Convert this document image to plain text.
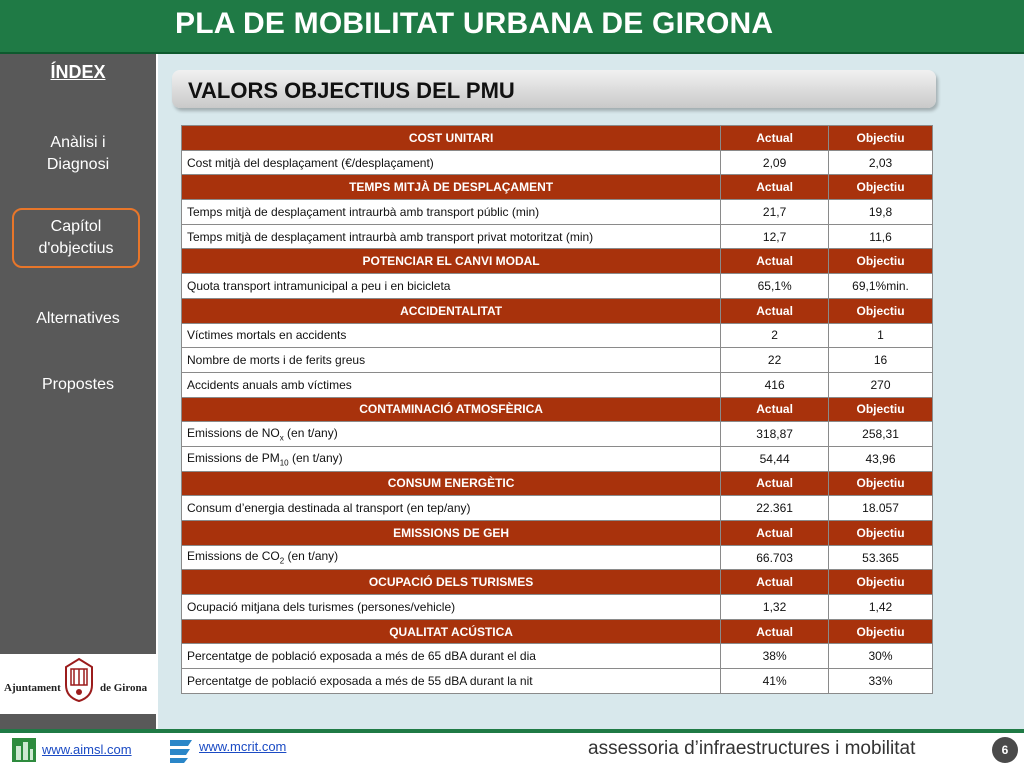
PLA DE MOBILITAT URBANA DE GIRONA
ÍNDEX
Anàlisi i
Diagnosi
Capítol
d'objectius
Alternatives
Propostes
Ajuntament	de Girona
VALORS OBJECTIUS DEL PMU
COST UNITARI	Actual	Objectiu
Cost mitjà del desplaçament (€/desplaçament)	2,09	2,03
TEMPS MITJÀ DE DESPLAÇAMENT	Actual	Objectiu
Temps mitjà de desplaçament intraurbà amb transport públic (min)	21,7	19,8
Temps mitjà de desplaçament intraurbà amb transport privat motoritzat (min)	12,7	11,6
POTENCIAR EL CANVI MODAL	Actual	Objectiu
Quota transport intramunicipal a peu i en bicicleta	65,1%	69,1%min.
ACCIDENTALITAT	Actual	Objectiu
Víctimes mortals en accidents	2	1
Nombre de morts i de ferits greus	22	16
Accidents anuals amb víctimes	416	270
CONTAMINACIÓ ATMOSFÈRICA	Actual	Objectiu
Emissions de $NO_x$ (en t/any)	318,87	258,31
Emissions de $PM_{10}$ (en t/any)	54,44	43,96
CONSUM ENERGÈTIC	Actual	Objectiu
Consum d’energia destinada al transport (en tep/any)	22.361	18.057
EMISSIONS DE GEH	Actual	Objectiu
Emissions de $CO_2$ (en t/any)	66.703	53.365
OCUPACIÓ DELS TURISMES	Actual	Objectiu
Ocupació mitjana dels turismes (persones/vehicle)	1,32	1,42
QUALITAT ACÚSTICA	Actual	Objectiu
Percentatge de població exposada a més de 65 dBA durant el dia	38%	30%
Percentatge de població exposada a més de 55 dBA durant la nit	41%	33%
www.aimsl.com	www.mcrit.com	assessoria d’infraestructures i mobilitat	6
